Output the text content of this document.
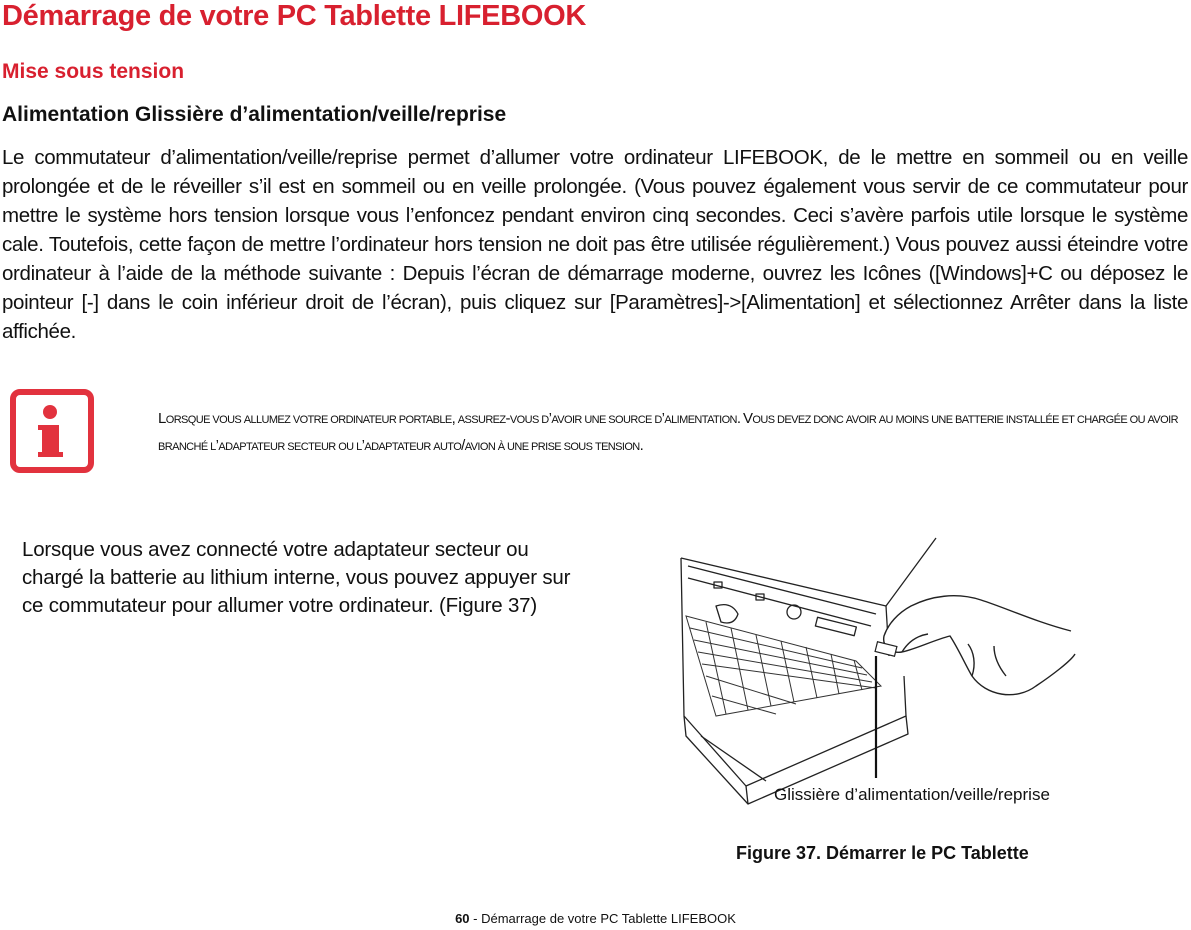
Démarrage de votre PC Tablette LIFEBOOK
Mise sous tension
Alimentation Glissière d’alimentation/veille/reprise
Le commutateur d’alimentation/veille/reprise permet d’allumer votre ordinateur LIFEBOOK, de le mettre en sommeil ou en veille prolongée et de le réveiller s’il est en sommeil ou en veille prolongée. (Vous pouvez également vous servir de ce commutateur pour mettre le système hors tension lorsque vous l’enfoncez pendant environ cinq secondes. Ceci s’avère parfois utile lorsque le système cale. Toutefois, cette façon de mettre l’ordinateur hors tension ne doit pas être utilisée régulièrement.) Vous pouvez aussi éteindre votre ordinateur à l’aide de la méthode suivante : Depuis l’écran de démarrage moderne, ouvrez les Icônes ([Windows]+C ou déposez le pointeur [-] dans le coin inférieur droit de l’écran), puis cliquez sur [Paramètres]->[Alimentation] et sélectionnez Arrêter dans la liste affichée.
Lorsque vous allumez votre ordinateur portable, assurez-vous d’avoir une source d’alimentation. Vous devez donc avoir au moins une batterie installée et chargée ou avoir branché l’adaptateur secteur ou l’adaptateur auto/avion à une prise sous tension.
Lorsque vous avez connecté votre adaptateur secteur ou chargé la batterie au lithium interne, vous pouvez appuyer sur ce commutateur pour allumer votre ordinateur. (Figure 37)
Glissière d’alimentation/veille/reprise
Figure 37. Démarrer le PC Tablette
60 - Démarrage de votre PC Tablette LIFEBOOK
